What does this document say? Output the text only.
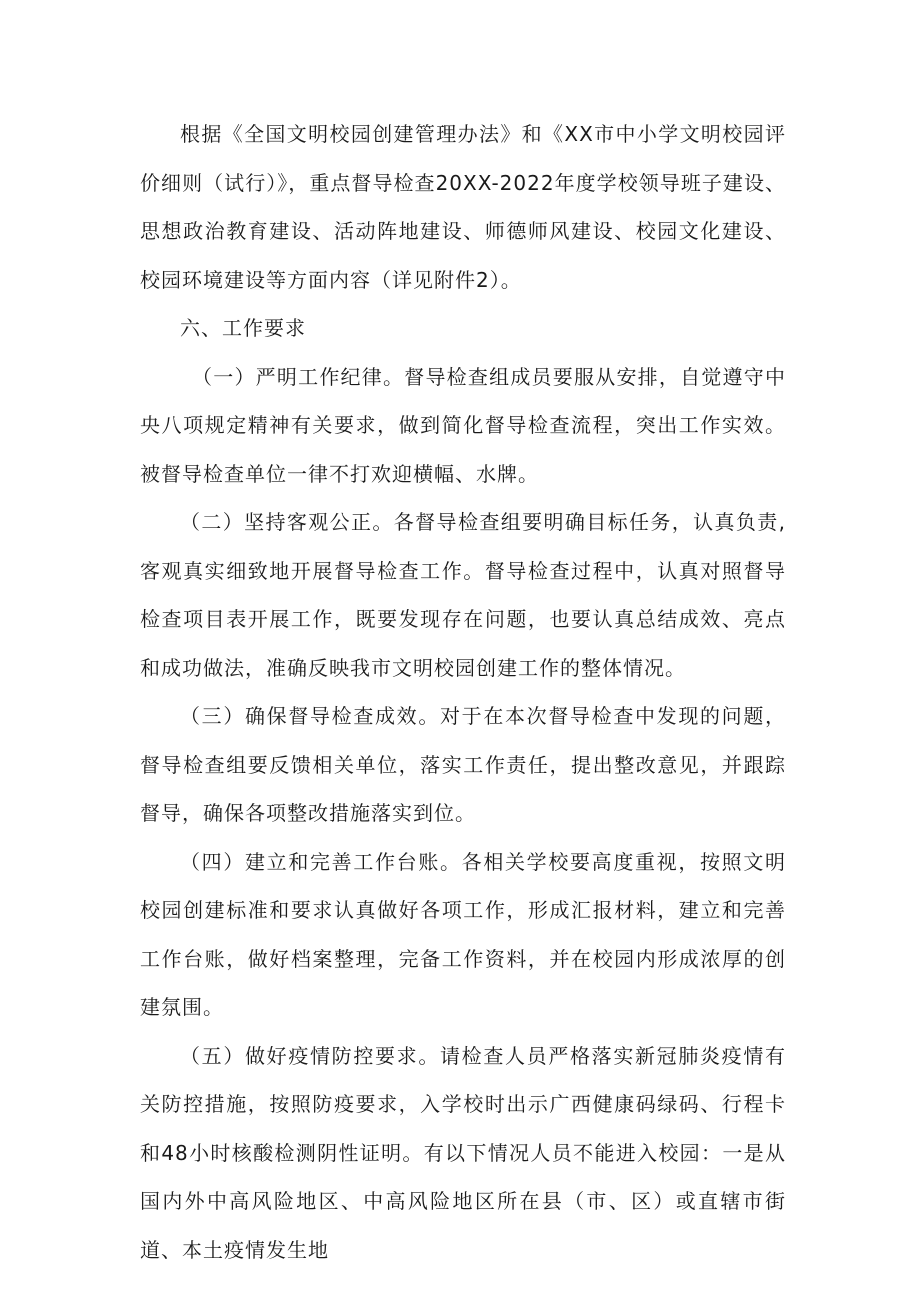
根据《全国文明校园创建管理办法》和《XX市中小学文明校园评价细则（试行）》，重点督导检查20XX-2022年度学校领导班子建设、思想政治教育建设、活动阵地建设、师德师风建设、校园文化建设、校园环境建设等方面内容（详见附件2）。

六、工作要求

（一）严明工作纪律。督导检查组成员要服从安排，自觉遵守中央八项规定精神有关要求，做到简化督导检查流程，突出工作实效。被督导检查单位一律不打欢迎横幅、水牌。

（二）坚持客观公正。各督导检查组要明确目标任务，认真负责,客观真实细致地开展督导检查工作。督导检查过程中，认真对照督导检查项目表开展工作，既要发现存在问题，也要认真总结成效、亮点和成功做法，准确反映我市文明校园创建工作的整体情况。

（三）确保督导检查成效。对于在本次督导检查中发现的问题，督导检查组要反馈相关单位，落实工作责任，提出整改意见，并跟踪督导，确保各项整改措施落实到位。

（四）建立和完善工作台账。各相关学校要高度重视，按照文明校园创建标准和要求认真做好各项工作，形成汇报材料，建立和完善工作台账，做好档案整理，完备工作资料，并在校园内形成浓厚的创建氛围。

（五）做好疫情防控要求。请检查人员严格落实新冠肺炎疫情有关防控措施，按照防疫要求，入学校时出示广西健康码绿码、行程卡和48小时核酸检测阴性证明。有以下情况人员不能进入校园：一是从国内外中高风险地区、中高风险地区所在县（市、区）或直辖市街道、本土疫情发生地
